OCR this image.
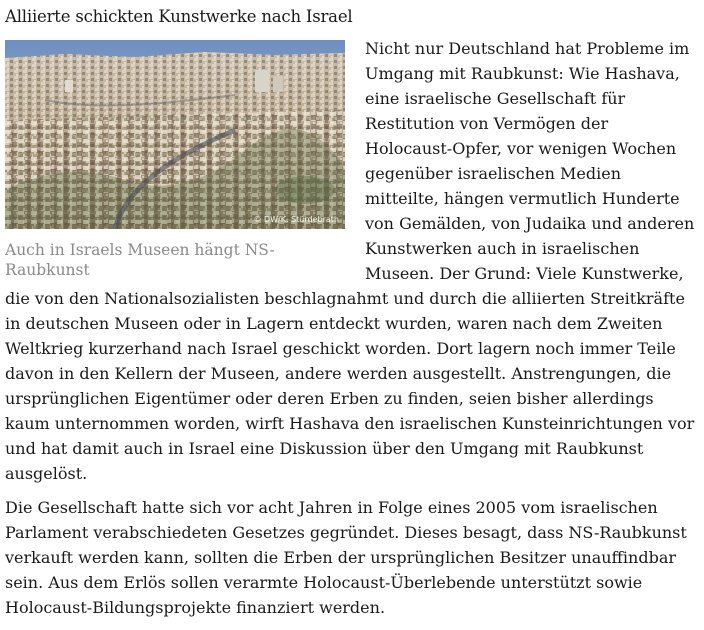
Alliierte schickten Kunstwerke nach Israel
© DW/K. Stürdebrath
Auch in Israels Museen hängt NS-Raubkunst

Nicht nur Deutschland hat Probleme im Umgang mit Raubkunst: Wie Hashava, eine israelische Gesellschaft für Restitution von Vermögen der Holocaust-Opfer, vor wenigen Wochen gegenüber israelischen Medien mitteilte, hängen vermutlich Hunderte von Gemälden, von Judaika und anderen Kunstwerken auch in israelischen Museen. Der Grund: Viele Kunstwerke, die von den Nationalsozialisten beschlagnahmt und durch die alliierten Streitkräfte in deutschen Museen oder in Lagern entdeckt wurden, waren nach dem Zweiten Weltkrieg kurzerhand nach Israel geschickt worden. Dort lagern noch immer Teile davon in den Kellern der Museen, andere werden ausgestellt. Anstrengungen, die ursprünglichen Eigentümer oder deren Erben zu finden, seien bisher allerdings kaum unternommen worden, wirft Hashava den israelischen Kunsteinrichtungen vor und hat damit auch in Israel eine Diskussion über den Umgang mit Raubkunst ausgelöst.

Die Gesellschaft hatte sich vor acht Jahren in Folge eines 2005 vom israelischen Parlament verabschiedeten Gesetzes gegründet. Dieses besagt, dass NS-Raubkunst verkauft werden kann, sollten die Erben der ursprünglichen Besitzer unauffindbar sein. Aus dem Erlös sollen verarmte Holocaust-Überlebende unterstützt sowie Holocaust-Bildungsprojekte finanziert werden.
